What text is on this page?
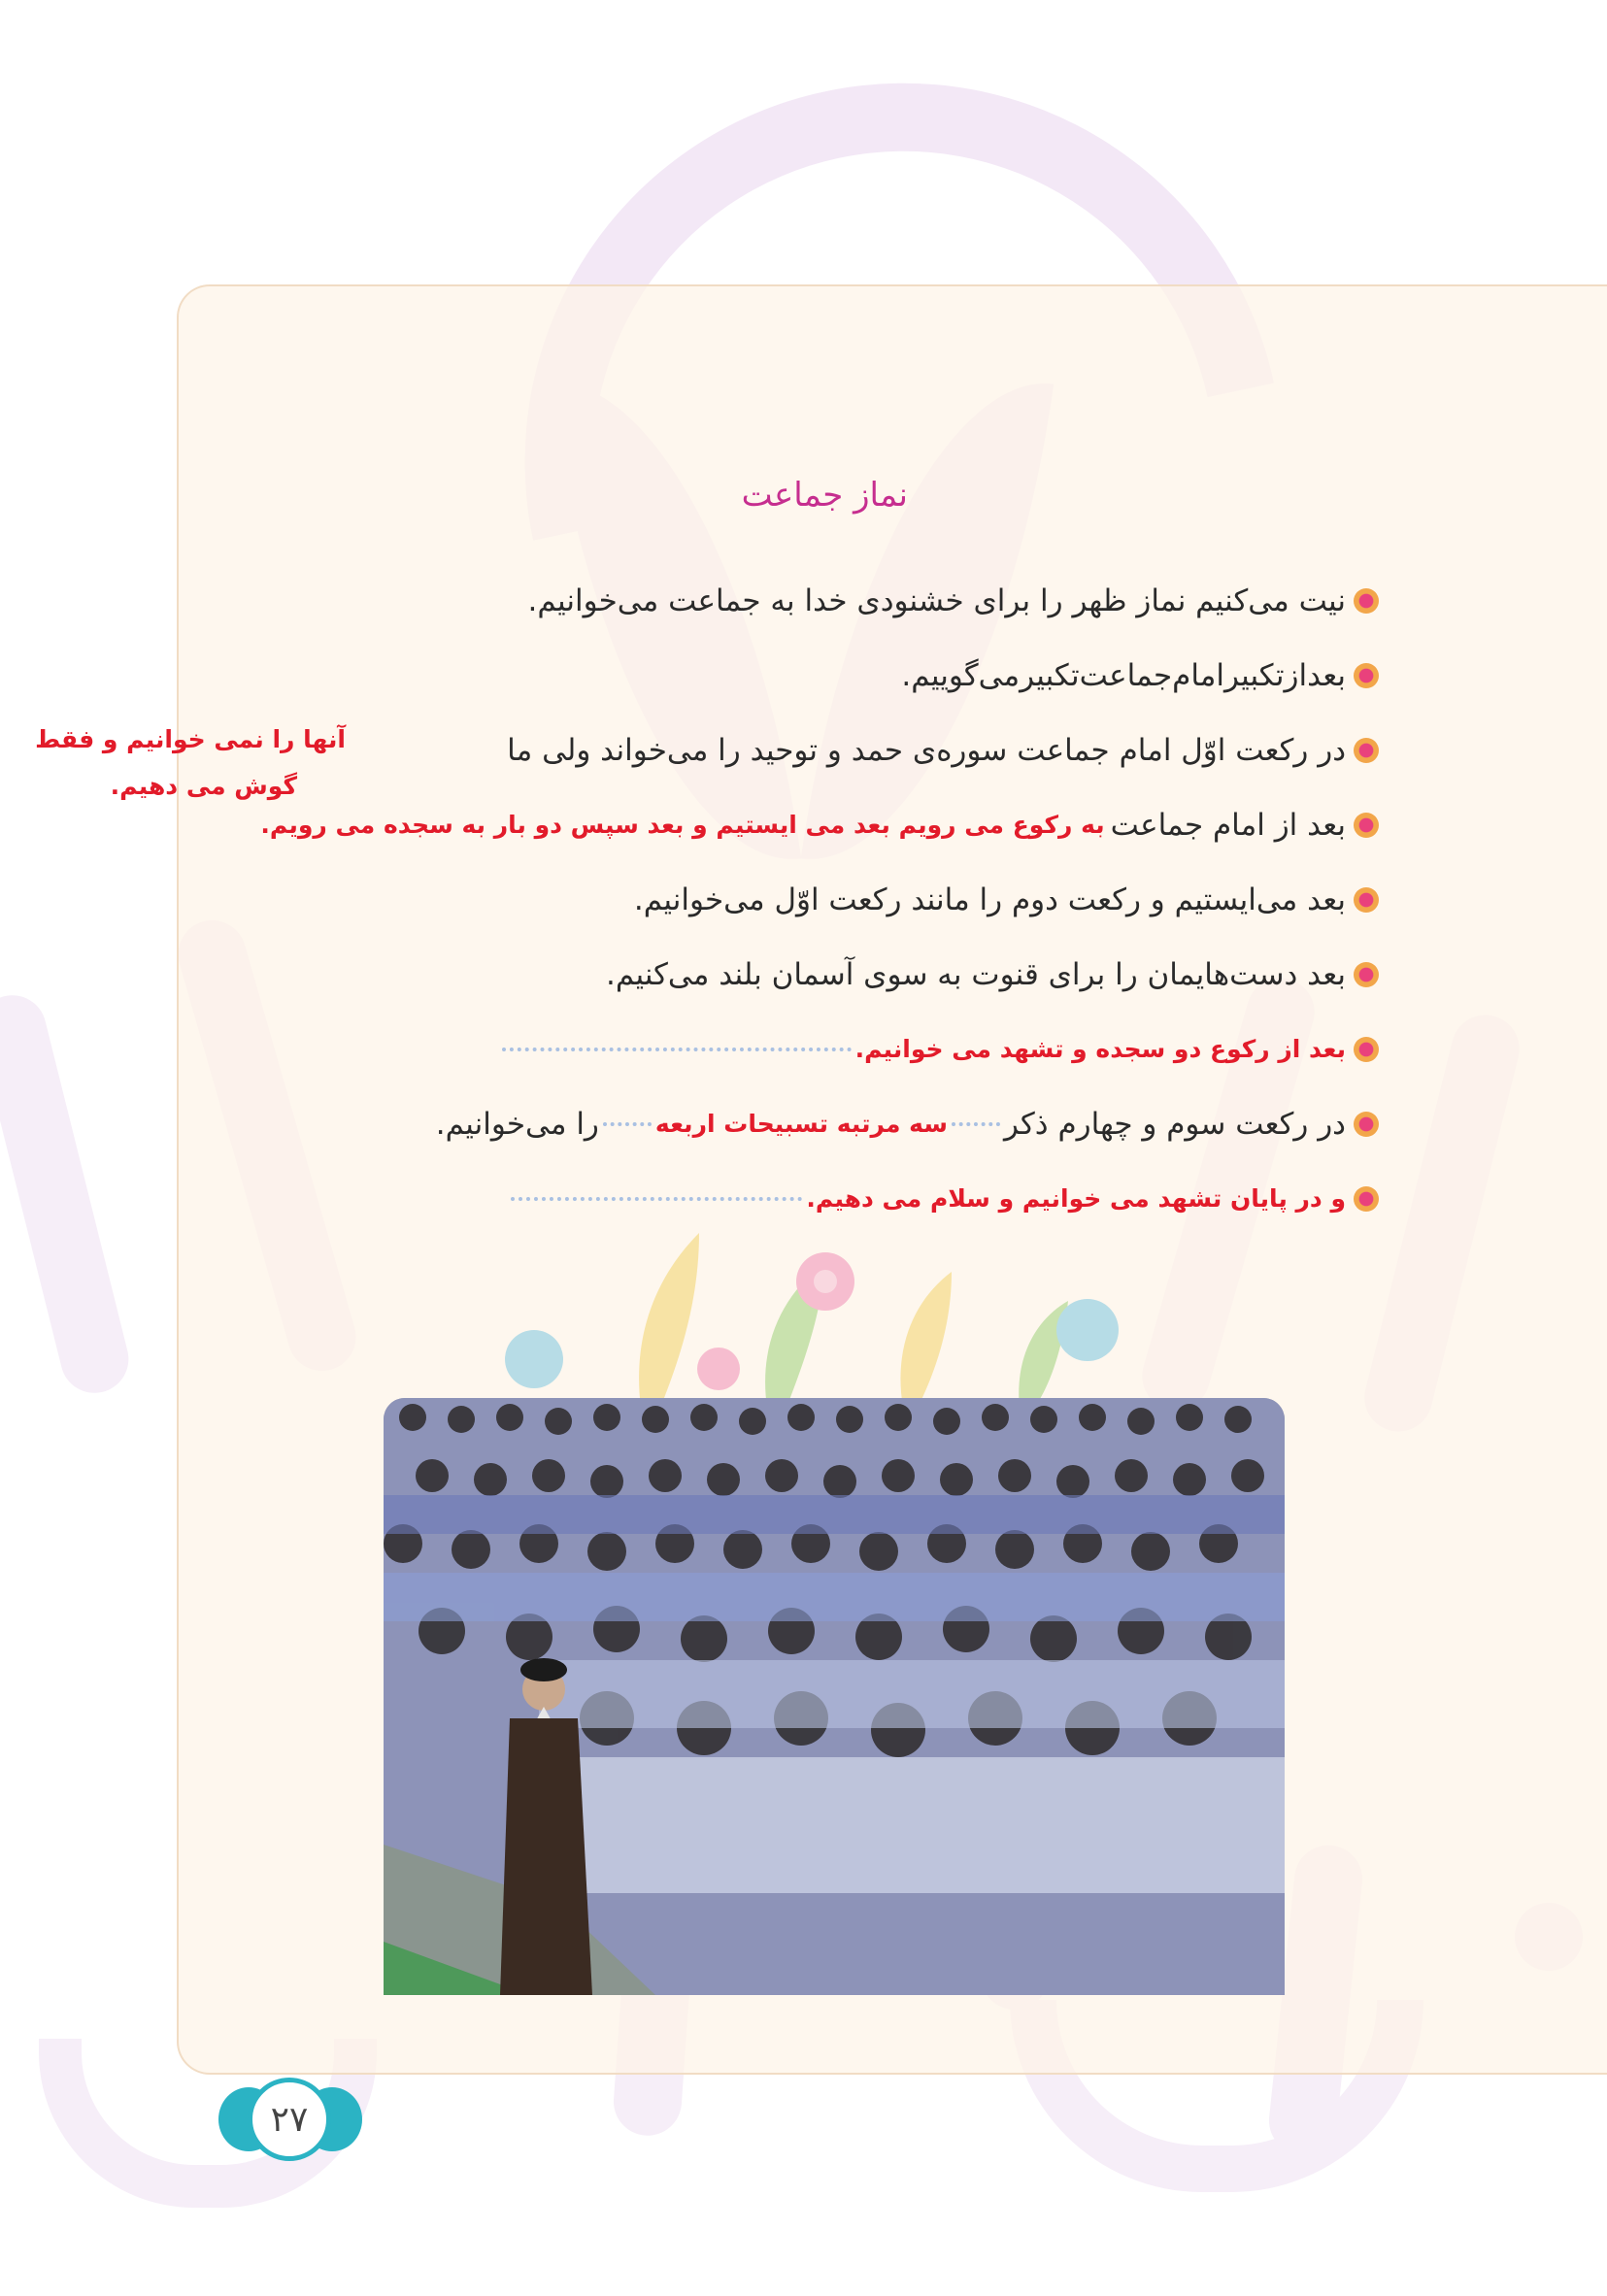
نماز جماعت
نیت می‌کنیم نماز ظهر را برای خشنودی خدا به جماعت می‌خوانیم.
بعدازتکبیرامام‌جماعت‌تکبیرمی‌گوییم.
در رکعت اوّل امام جماعت سوره‌ی حمد و توحید را می‌خواند ولی ما
بعد از امام جماعت
به رکوع می رویم بعد می ایستیم و بعد سپس دو بار به سجده می رویم.
بعد می‌ایستیم و رکعت دوم را مانند رکعت اوّل می‌خوانیم.
بعد دست‌هایمان را برای قنوت به سوی آسمان بلند می‌کنیم.
بعد از رکوع دو سجده و تشهد می خوانیم.
در رکعت سوم و چهارم ذکر
سه مرتبه تسبیحات اربعه
را می‌خوانیم.
و در پایان تشهد می خوانیم و سلام می دهیم.
آنها را نمی خوانیم و فقط
گوش می دهیم.
۲۷
